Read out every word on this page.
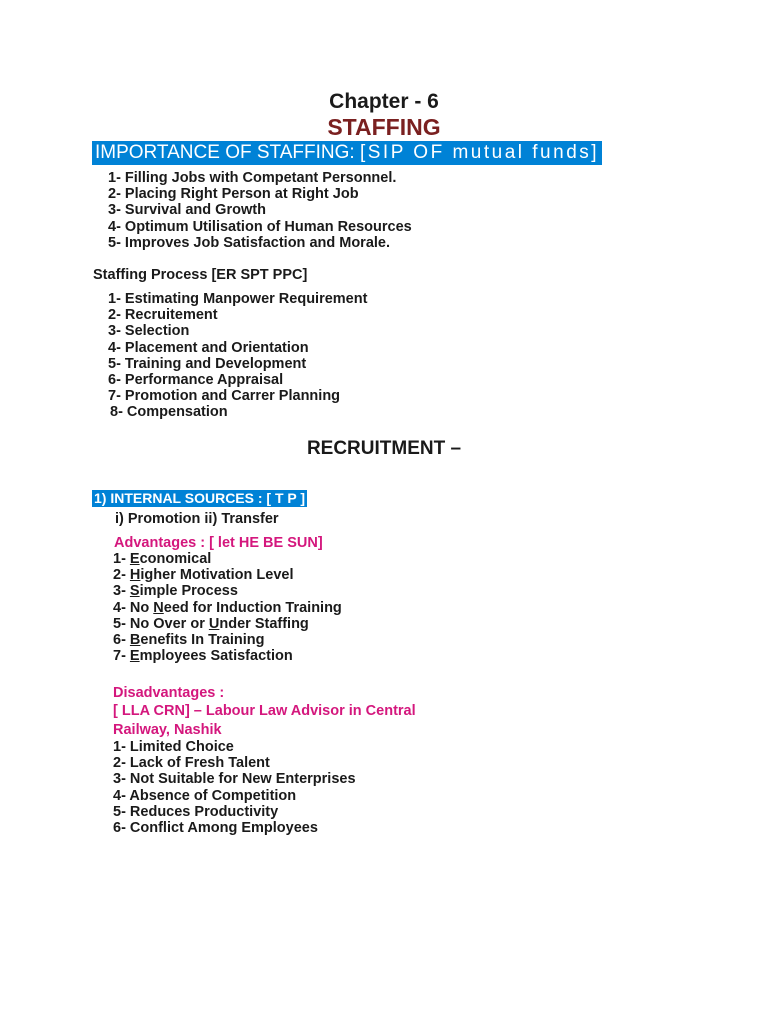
Chapter - 6
STAFFING
IMPORTANCE OF STAFFING: [SIP OF mutual funds]
1- Filling Jobs with Competant Personnel.
2- Placing Right Person at Right Job
3- Survival and Growth
4- Optimum Utilisation of Human Resources
5- Improves Job Satisfaction and Morale.
Staffing Process [ER SPT PPC]
1- Estimating Manpower Requirement
2- Recruitement
3- Selection
4- Placement and Orientation
5- Training and Development
6- Performance Appraisal
7- Promotion and Carrer Planning
8- Compensation
RECRUITMENT –
1) INTERNAL SOURCES : [ T P ]
i) Promotion ii) Transfer
Advantages : [ let HE BE SUN]
1- Economical
2- Higher Motivation Level
3- Simple Process
4- No Need for Induction Training
5- No Over or Under Staffing
6- Benefits In Training
7- Employees Satisfaction
Disadvantages :
[ LLA CRN] – Labour Law Advisor in Central
Railway, Nashik
1- Limited Choice
2- Lack of Fresh Talent
3- Not Suitable for New Enterprises
4- Absence of Competition
5- Reduces Productivity
6- Conflict Among Employees
